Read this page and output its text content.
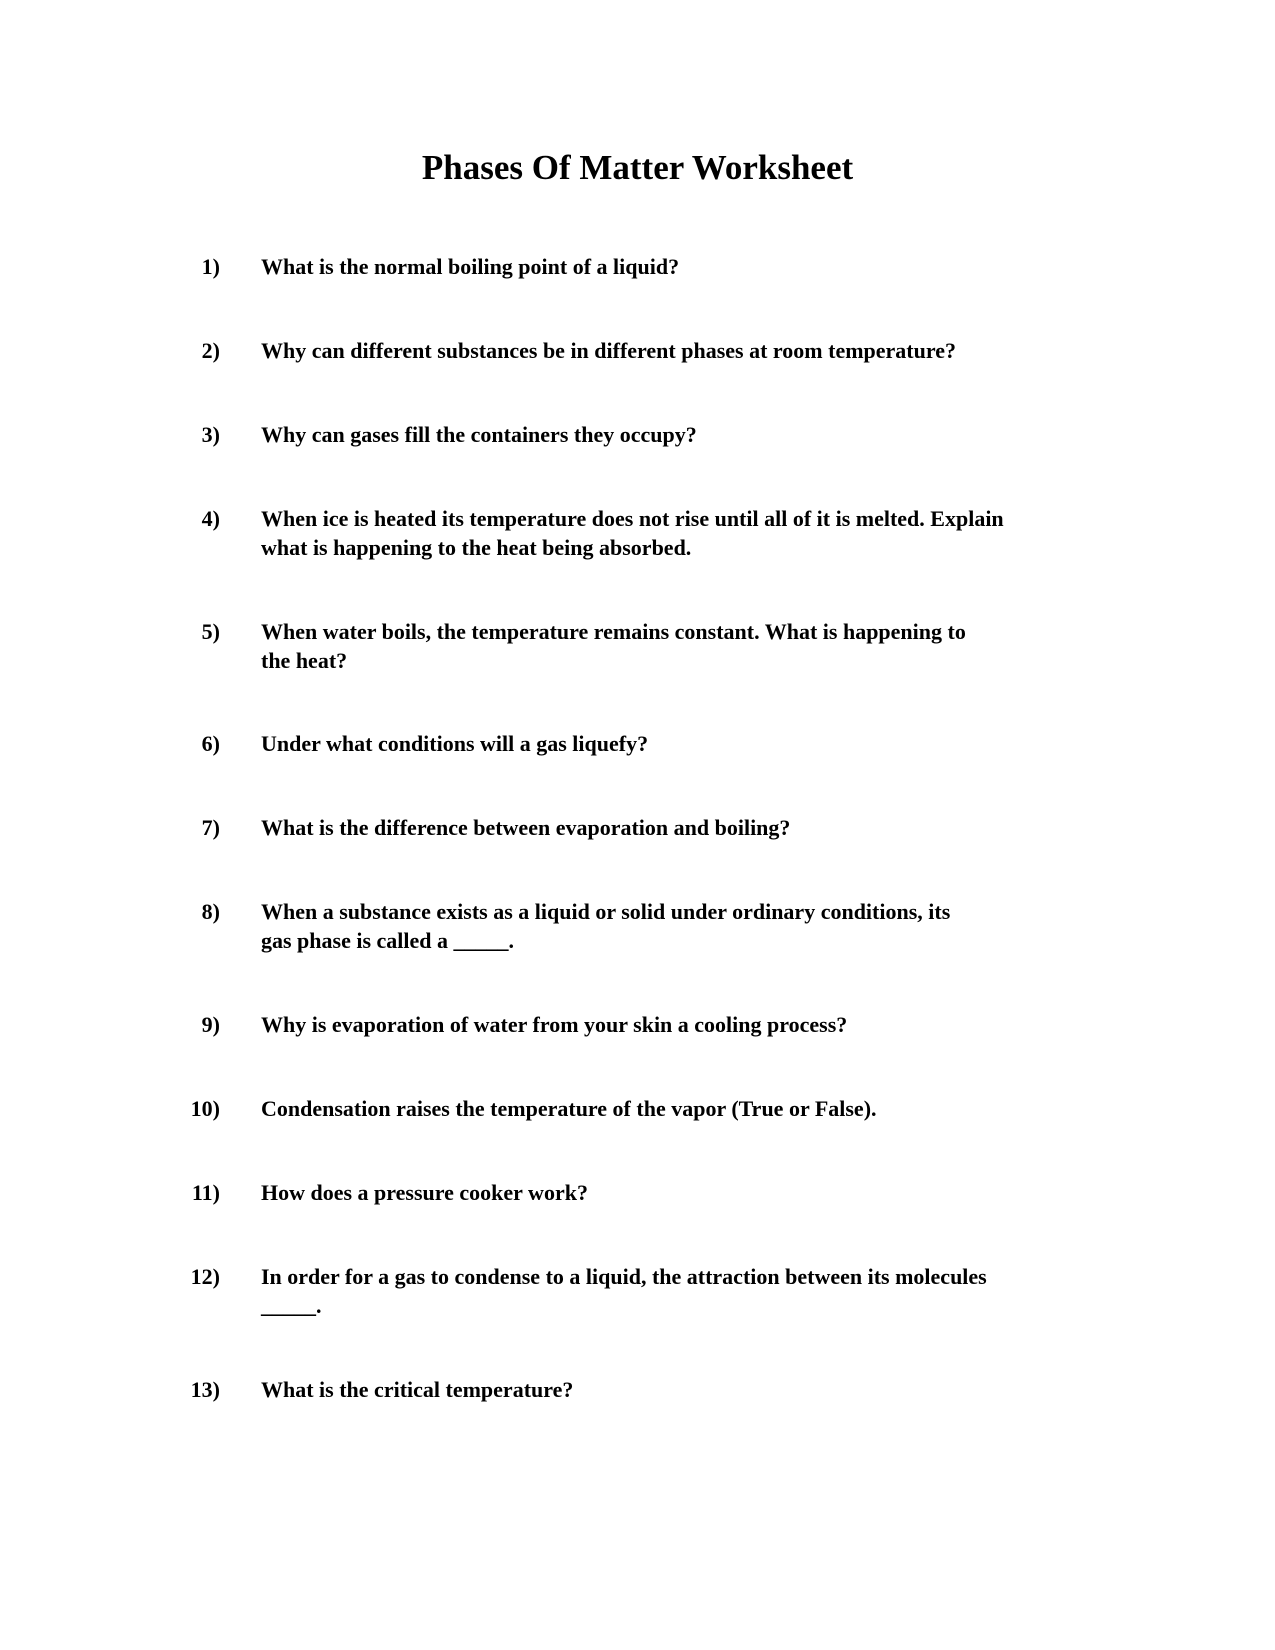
Phases Of Matter Worksheet
1) What is the normal boiling point of a liquid?
2) Why can different substances be in different phases at room temperature?
3) Why can gases fill the containers they occupy?
4) When ice is heated its temperature does not rise until all of it is melted. Explain
what is happening to the heat being absorbed.
5) When water boils, the temperature remains constant. What is happening to
the heat?
6) Under what conditions will a gas liquefy?
7) What is the difference between evaporation and boiling?
8) When a substance exists as a liquid or solid under ordinary conditions, its
gas phase is called a _____.
9) Why is evaporation of water from your skin a cooling process?
10) Condensation raises the temperature of the vapor (True or False).
11) How does a pressure cooker work?
12) In order for a gas to condense to a liquid, the attraction between its molecules
_____.
13) What is the critical temperature?
